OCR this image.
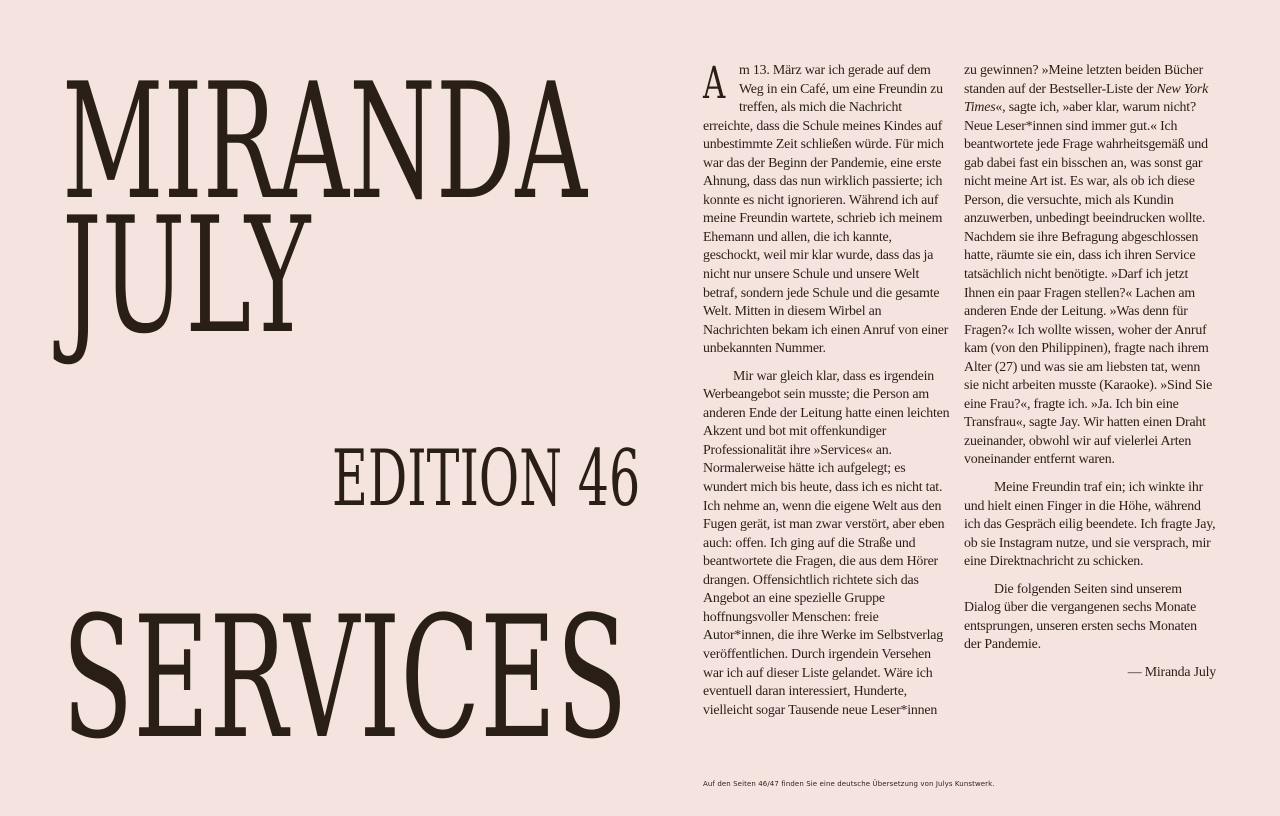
MIRANDA
JULY
EDITION 46
SERVICES

Am 13. März war ich gerade auf dem Weg in ein Café, um eine Freundin zu treffen, als mich die Nachricht erreichte, dass die Schule meines Kindes auf unbestimmte Zeit schließen würde. Für mich war das der Beginn der Pandemie, eine erste Ahnung, dass das nun wirklich passierte; ich konnte es nicht ignorieren. Während ich auf meine Freundin wartete, schrieb ich meinem Ehemann und allen, die ich kannte, geschockt, weil mir klar wurde, dass das ja nicht nur unsere Schule und unsere Welt betraf, sondern jede Schule und die gesamte Welt. Mitten in diesem Wirbel an Nachrichten bekam ich einen Anruf von einer unbekannten Nummer.

Mir war gleich klar, dass es irgendein Werbeangebot sein musste; die Person am anderen Ende der Leitung hatte einen leichten Akzent und bot mit offenkundiger Professionalität ihre »Services« an. Normalerweise hätte ich aufgelegt; es wundert mich bis heute, dass ich es nicht tat. Ich nehme an, wenn die eigene Welt aus den Fugen gerät, ist man zwar verstört, aber eben auch: offen. Ich ging auf die Straße und beantwortete die Fragen, die aus dem Hörer drangen. Offensichtlich richtete sich das Angebot an eine spezielle Gruppe hoffnungsvoller Menschen: freie Autor*innen, die ihre Werke im Selbstverlag veröffentlichen. Durch irgendein Versehen war ich auf dieser Liste gelandet. Wäre ich eventuell daran interessiert, Hunderte, vielleicht sogar Tausende neue Leser*innen

zu gewinnen? »Meine letzten beiden Bücher standen auf der Bestseller-Liste der New York Times«, sagte ich, »aber klar, warum nicht? Neue Leser*innen sind immer gut.« Ich beantwortete jede Frage wahrheitsgemäß und gab dabei fast ein bisschen an, was sonst gar nicht meine Art ist. Es war, als ob ich diese Person, die versuchte, mich als Kundin anzuwerben, unbedingt beeindrucken wollte. Nachdem sie ihre Befragung abgeschlossen hatte, räumte sie ein, dass ich ihren Service tatsächlich nicht benötigte. »Darf ich jetzt Ihnen ein paar Fragen stellen?« Lachen am anderen Ende der Leitung. »Was denn für Fragen?« Ich wollte wissen, woher der Anruf kam (von den Philippinen), fragte nach ihrem Alter (27) und was sie am liebsten tat, wenn sie nicht arbeiten musste (Karaoke). »Sind Sie eine Frau?«, fragte ich. »Ja. Ich bin eine Transfrau«, sagte Jay. Wir hatten einen Draht zueinander, obwohl wir auf vielerlei Arten voneinander entfernt waren.

Meine Freundin traf ein; ich winkte ihr und hielt einen Finger in die Höhe, während ich das Gespräch eilig beendete. Ich fragte Jay, ob sie Instagram nutze, und sie versprach, mir eine Direktnachricht zu schicken.

Die folgenden Seiten sind unserem Dialog über die vergangenen sechs Monate entsprungen, unseren ersten sechs Monaten der Pandemie.

— Miranda July

Auf den Seiten 46/47 finden Sie eine deutsche Übersetzung von Julys Kunstwerk.
